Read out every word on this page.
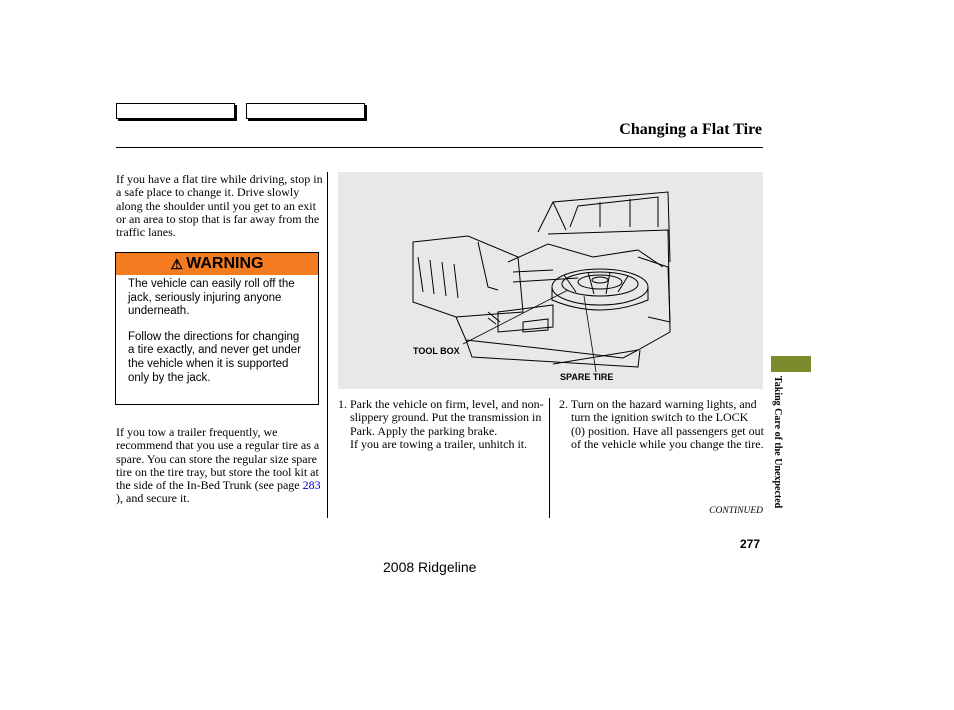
Changing a Flat Tire
If you have a flat tire while driving, stop in a safe place to change it. Drive slowly along the shoulder until you get to an exit or an area to stop that is far away from the traffic lanes.
⚠ WARNING

The vehicle can easily roll off the jack, seriously injuring anyone underneath.

Follow the directions for changing a tire exactly, and never get under the vehicle when it is supported only by the jack.

If you tow a trailer frequently, we recommend that you use a regular tire as a spare. You can store the regular size spare tire on the tire tray, but store the tool kit at the side of the In-Bed Trunk (see page 283 ), and secure it.
TOOL BOX
SPARE TIRE
1. Park the vehicle on firm, level, and non-slippery ground. Put the transmission in Park. Apply the parking brake.
If you are towing a trailer, unhitch it.
2. Turn on the hazard warning lights, and turn the ignition switch to the LOCK (0) position. Have all passengers get out of the vehicle while you change the tire.
CONTINUED
277
2008 Ridgeline
Taking Care of the Unexpected
